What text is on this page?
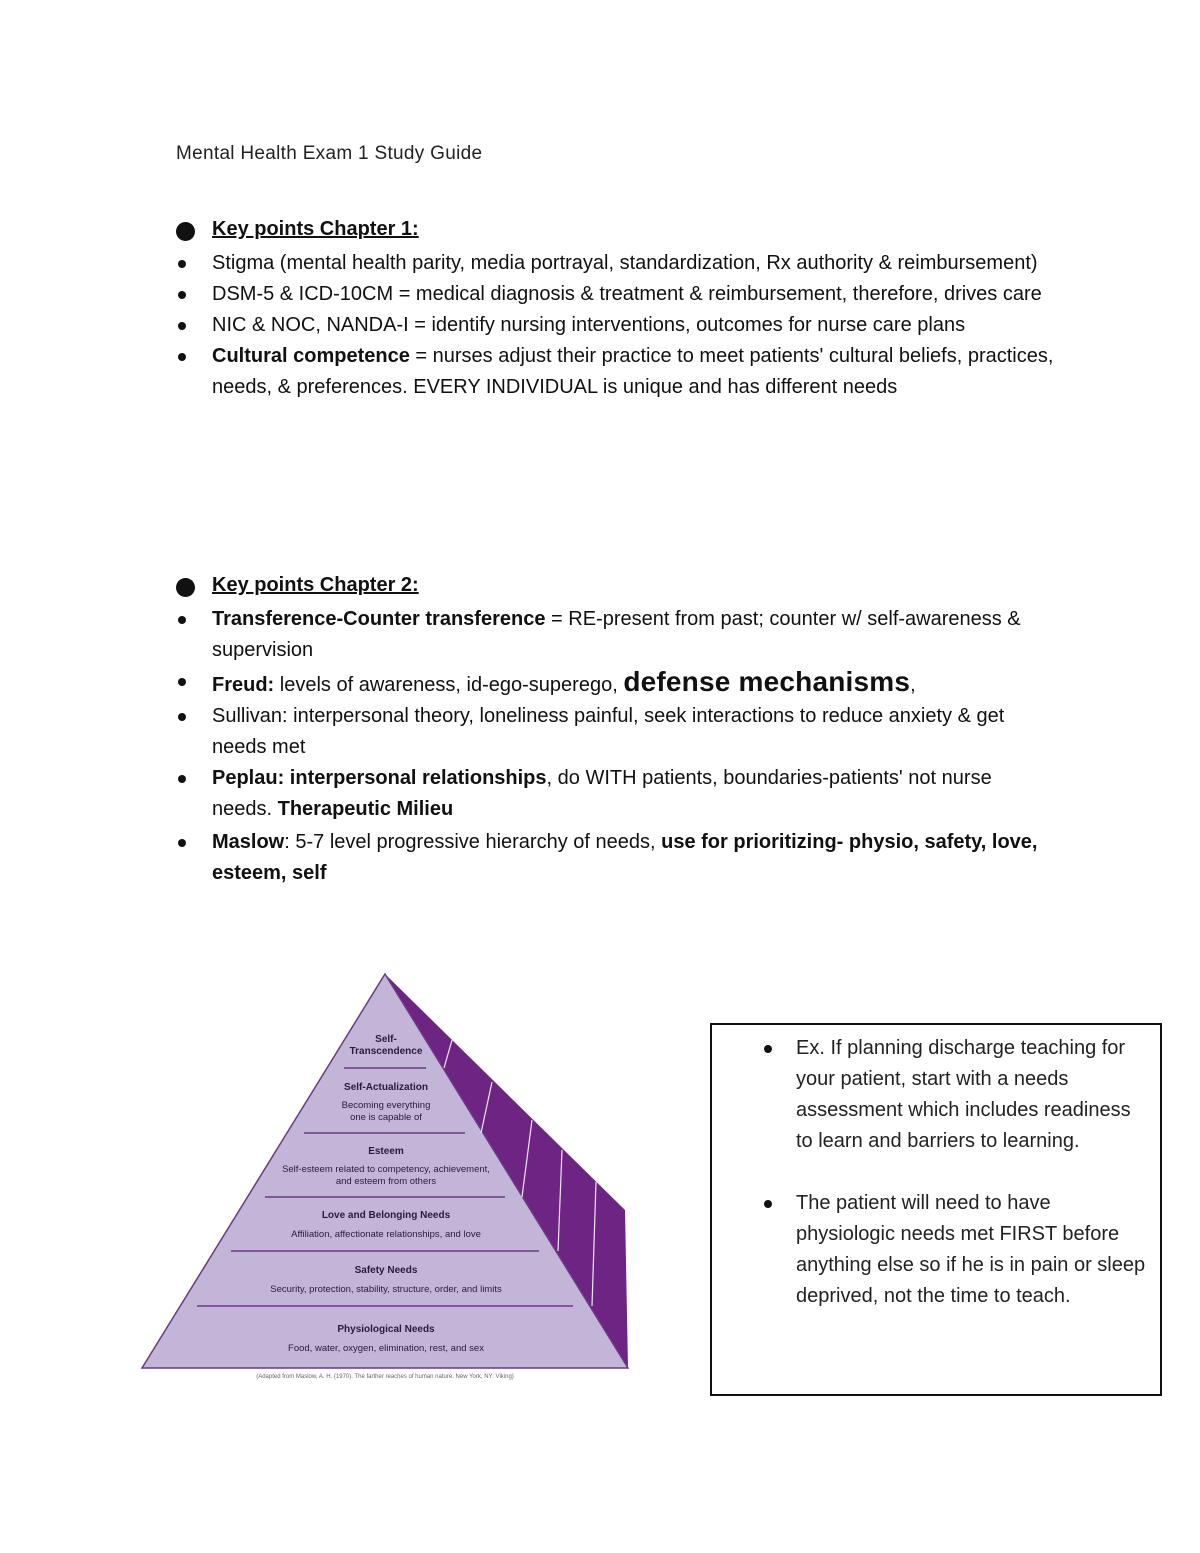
Mental Health Exam 1 Study Guide
Key points Chapter 1:
Stigma (mental health parity, media portrayal, standardization, Rx authority & reimbursement)
DSM-5 & ICD-10CM = medical diagnosis & treatment & reimbursement, therefore, drives care
NIC & NOC, NANDA-I = identify nursing interventions, outcomes for nurse care plans
Cultural competence = nurses adjust their practice to meet patients' cultural beliefs, practices, needs, & preferences. EVERY INDIVIDUAL is unique and has different needs
Key points Chapter 2:
Transference-Counter transference = RE-present from past; counter w/ self-awareness & supervision
Freud: levels of awareness, id-ego-superego, defense mechanisms,
Sullivan: interpersonal theory, loneliness painful, seek interactions to reduce anxiety & get needs met
Peplau: interpersonal relationships, do WITH patients, boundaries-patients' not nurse needs. Therapeutic Milieu
Maslow: 5-7 level progressive hierarchy of needs, use for prioritizing- physio, safety, love, esteem, self
Self-
Transcendence
Self-Actualization
Becoming everything
one is capable of
Esteem
Self-esteem related to competency, achievement,
and esteem from others
Love and Belonging Needs
Affiliation, affectionate relationships, and love
Safety Needs
Security, protection, stability, structure, order, and limits
Physiological Needs
Food, water, oxygen, elimination, rest, and sex
(Adapted from Maslow, A. H. (1970). The farther reaches of human nature. New York, NY: Viking)
Ex. If planning discharge teaching for your patient, start with a needs assessment which includes readiness to learn and barriers to learning.
The patient will need to have physiologic needs met FIRST before anything else so if he is in pain or sleep deprived, not the time to teach.
